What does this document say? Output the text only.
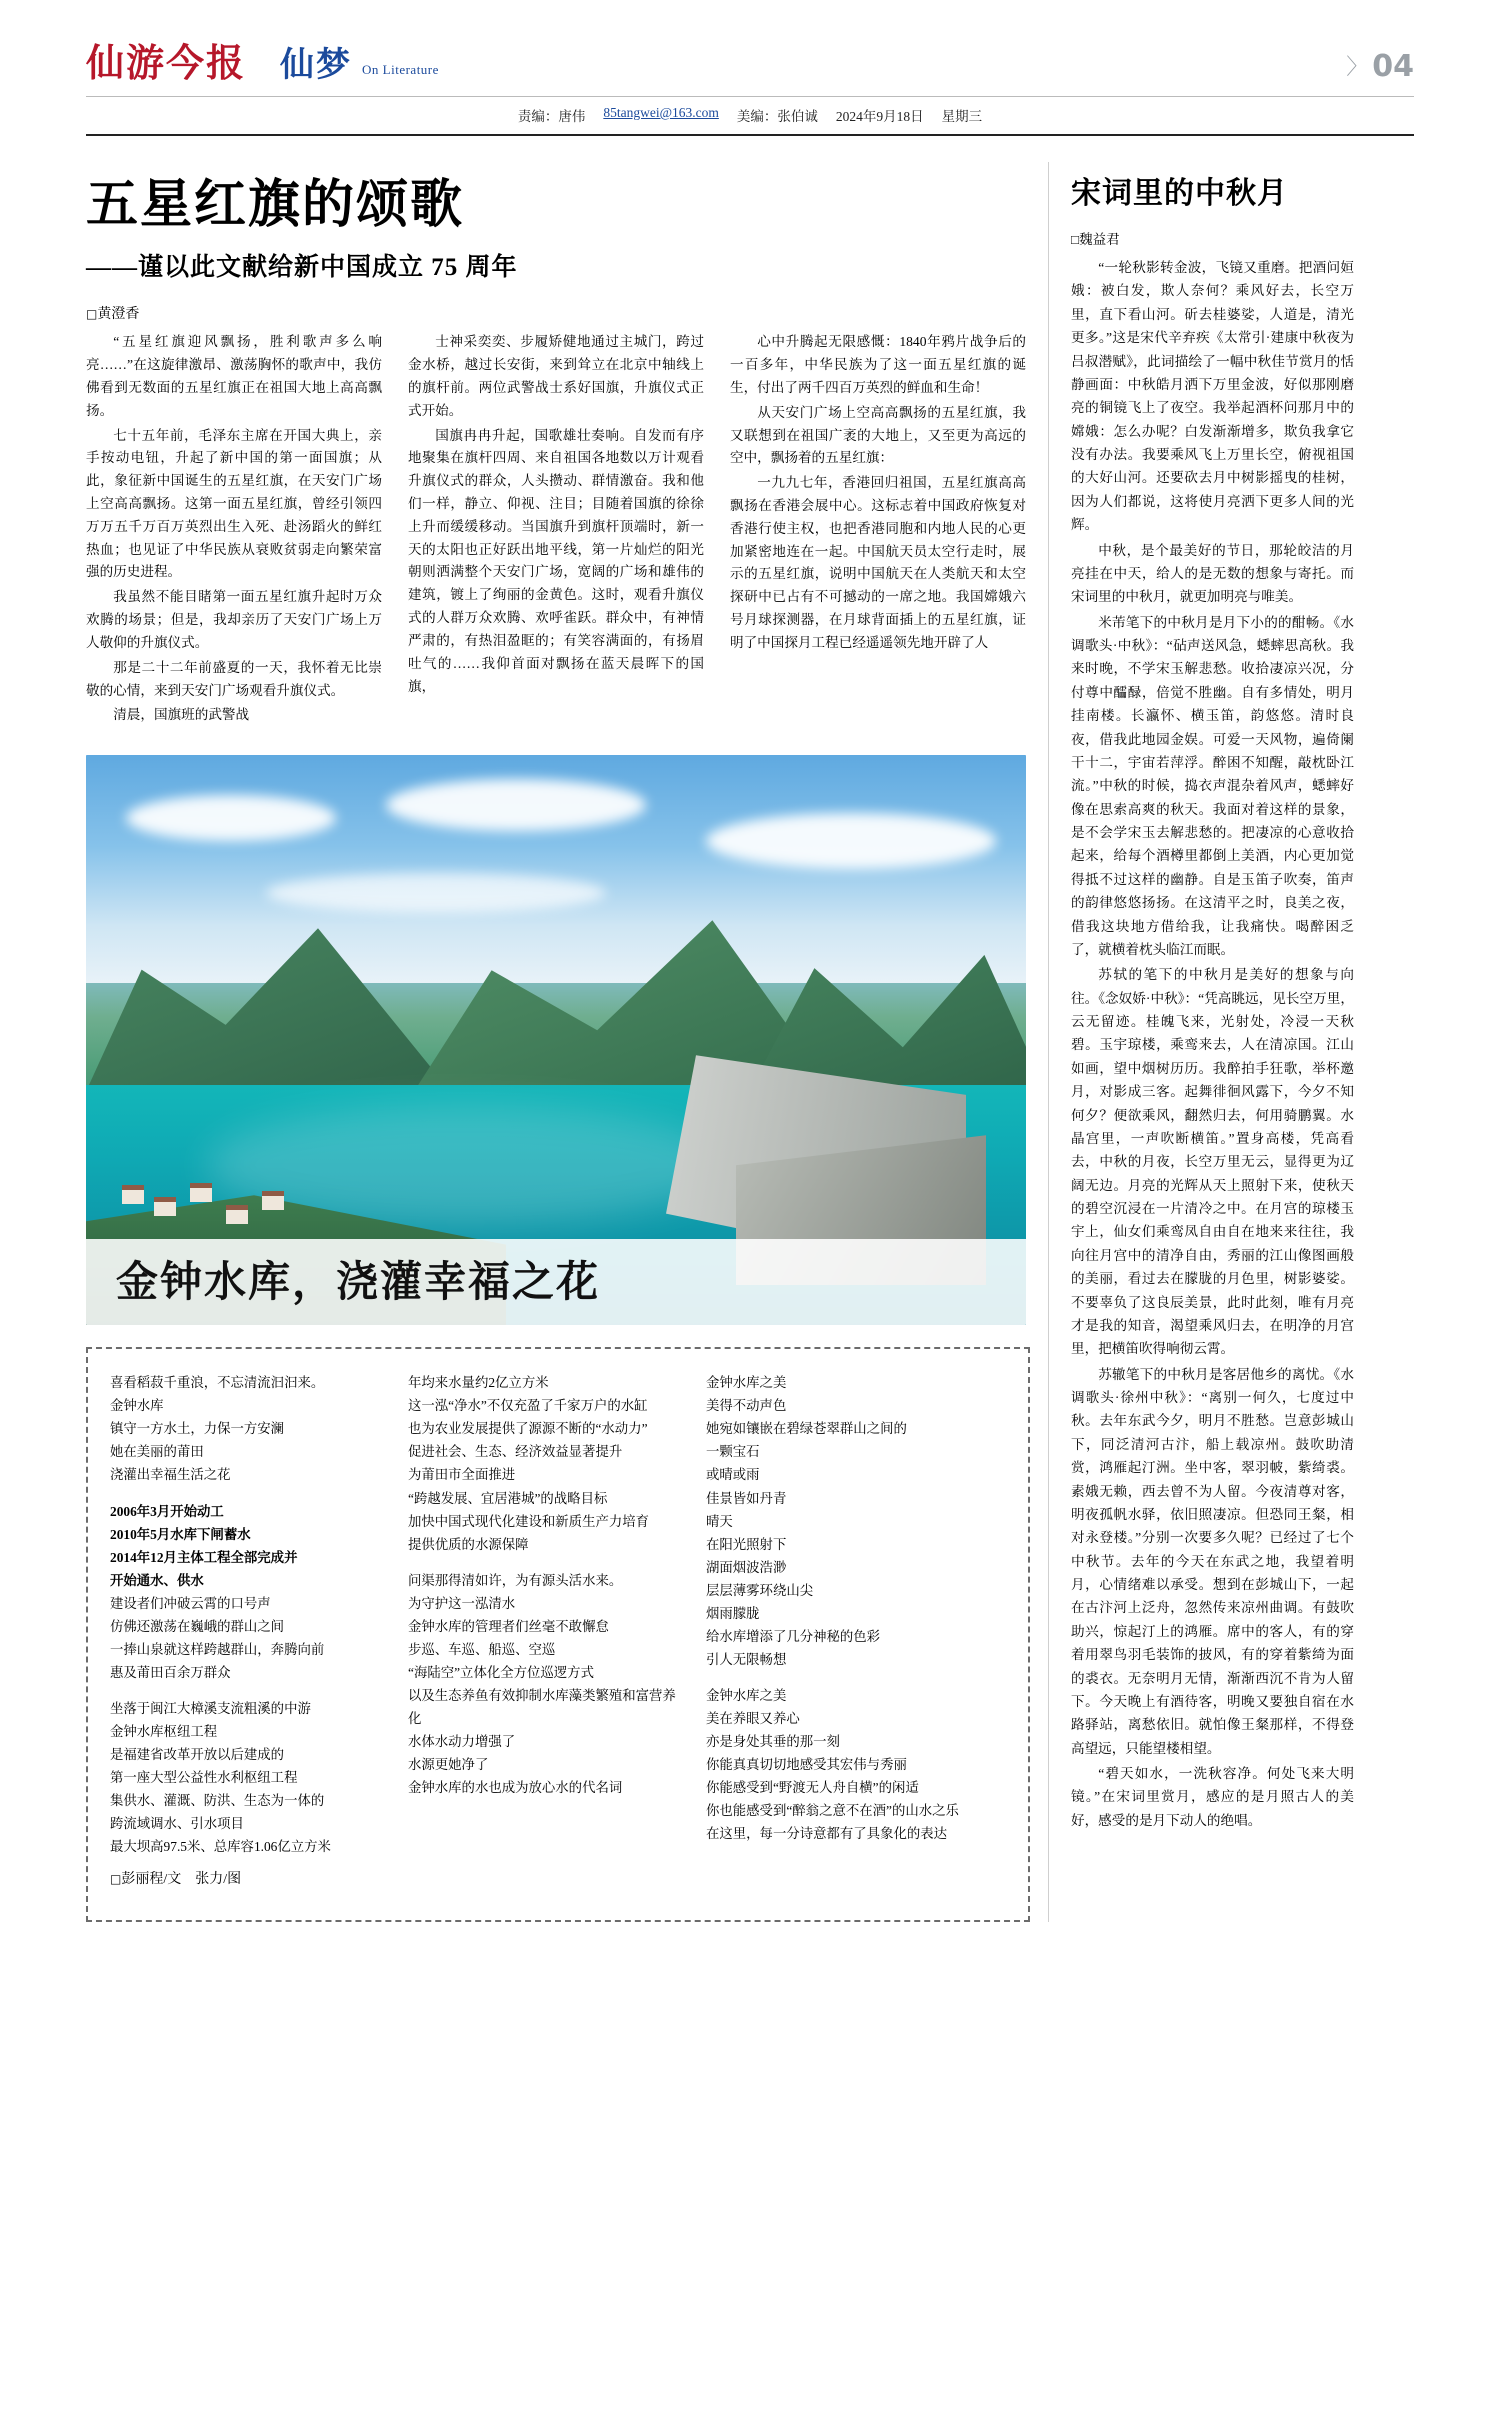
仙游今报 仙梦 On Literature	〉 04
责编：唐伟 85tangwei@163.com 美编：张伯诚 2024年9月18日 星期三
五星红旗的颂歌
——谨以此文献给新中国成立 75 周年
□黄澄香

“五星红旗迎风飘扬，胜利歌声多么响亮……”在这旋律激昂、激荡胸怀的歌声中，我仿佛看到无数面的五星红旗正在祖国大地上高高飘扬。

七十五年前，毛泽东主席在开国大典上，亲手按动电钮，升起了新中国的第一面国旗；从此，象征新中国诞生的五星红旗，在天安门广场上空高高飘扬。这第一面五星红旗，曾经引领四万万五千万百万英烈出生入死、赴汤蹈火的鲜红热血；也见证了中华民族从衰败贫弱走向繁荣富强的历史进程。

我虽然不能目睹第一面五星红旗升起时万众欢腾的场景；但是，我却亲历了天安门广场上万人敬仰的升旗仪式。

那是二十二年前盛夏的一天，我怀着无比崇敬的心情，来到天安门广场观看升旗仪式。

清晨，国旗班的武警战

士神采奕奕、步履矫健地通过主城门，跨过金水桥，越过长安街，来到耸立在北京中轴线上的旗杆前。两位武警战士系好国旗，升旗仪式正式开始。

国旗冉冉升起，国歌雄壮奏响。自发而有序地聚集在旗杆四周、来自祖国各地数以万计观看升旗仪式的群众，人头攒动、群情激奋。我和他们一样，静立、仰视、注目；目随着国旗的徐徐上升而缓缓移动。当国旗升到旗杆顶端时，新一天的太阳也正好跃出地平线，第一片灿烂的阳光朝则洒满整个天安门广场，宽阔的广场和雄伟的建筑，镀上了绚丽的金黄色。这时，观看升旗仪式的人群万众欢腾、欢呼雀跃。群众中，有神情严肃的，有热泪盈眶的；有笑容满面的，有扬眉吐气的……我仰首面对飘扬在蓝天晨晖下的国旗，

心中升腾起无限感慨：1840年鸦片战争后的一百多年，中华民族为了这一面五星红旗的诞生，付出了两千四百万英烈的鲜血和生命！

从天安门广场上空高高飘扬的五星红旗，我又联想到在祖国广袤的大地上，又至更为高远的空中，飘扬着的五星红旗：

一九九七年，香港回归祖国，五星红旗高高飘扬在香港会展中心。这标志着中国政府恢复对香港行使主权，也把香港同胞和内地人民的心更加紧密地连在一起。中国航天员太空行走时，展示的五星红旗，说明中国航天在人类航天和太空探研中已占有不可撼动的一席之地。我国嫦娥六号月球探测器，在月球背面插上的五星红旗，证明了中国探月工程已经遥遥领先地开辟了人

金钟水库，浇灌幸福之花
喜看稻菽千重浪，不忘清流汩汩来。
金钟水库
镇守一方水土，力保一方安澜
她在美丽的莆田
浇灌出幸福生活之花
2006年3月开始动工
2010年5月水库下闸蓄水
2014年12月主体工程全部完成并
开始通水、供水
建设者们冲破云霄的口号声
仿佛还激荡在巍峨的群山之间
一捧山泉就这样跨越群山，奔腾向前
惠及莆田百余万群众
坐落于闽江大樟溪支流粗溪的中游
金钟水库枢纽工程
是福建省改革开放以后建成的
第一座大型公益性水利枢纽工程
集供水、灌溉、防洪、生态为一体的
跨流域调水、引水项目
最大坝高97.5米、总库容1.06亿立方米
年均来水量约2亿立方米
这一泓“净水”不仅充盈了千家万户的水缸
也为农业发展提供了源源不断的“水动力”
促进社会、生态、经济效益显著提升
为莆田市全面推进
“跨越发展、宜居港城”的战略目标
加快中国式现代化建设和新质生产力培育
提供优质的水源保障
问渠那得清如许，为有源头活水来。
为守护这一泓清水
金钟水库的管理者们丝毫不敢懈怠
步巡、车巡、船巡、空巡
“海陆空”立体化全方位巡逻方式
以及生态养鱼有效抑制水库藻类繁殖和富营养化
水体水动力增强了
水源更她净了
金钟水库的水也成为放心水的代名词
金钟水库之美
美得不动声色
她宛如镶嵌在碧绿苍翠群山之间的
一颗宝石
或晴或雨
佳景皆如丹青
晴天
在阳光照射下
湖面烟波浩渺
层层薄雾环绕山尖
烟雨朦胧
给水库增添了几分神秘的色彩
引人无限畅想
金钟水库之美
美在养眼又养心
亦是身处其垂的那一刻
你能真真切切地感受其宏伟与秀丽
你能感受到“野渡无人舟自横”的闲适
你也能感受到“醉翁之意不在酒”的山水之乐
在这里，每一分诗意都有了具象化的表达
□彭丽程/文　张力/图
宋词里的中秋月
□魏益君

“一轮秋影转金波，飞镜又重磨。把酒问姮娥：被白发，欺人奈何？乘风好去，长空万里，直下看山河。斫去桂婆娑，人道是，清光更多。”这是宋代辛弃疾《太常引·建康中秋夜为吕叔潜赋》，此词描绘了一幅中秋佳节赏月的恬静画面：中秋皓月洒下万里金波，好似那刚磨亮的铜镜飞上了夜空。我举起酒杯问那月中的嫦娥：怎么办呢？白发渐渐增多，欺负我拿它没有办法。我要乘风飞上万里长空，俯视祖国的大好山河。还要砍去月中树影摇曳的桂树，因为人们都说，这将使月亮洒下更多人间的光辉。

中秋，是个最美好的节日，那轮皎洁的月亮挂在中天，给人的是无数的想象与寄托。而宋词里的中秋月，就更加明亮与唯美。

米芾笔下的中秋月是月下小的的酣畅。《水调歌头·中秋》：“砧声送风急，蟋蟀思高秋。我来时晚，不学宋玉解悲愁。收拾凄凉兴况，分付尊中醽醁，倍觉不胜幽。自有多情处，明月挂南楼。长瀛怀、横玉笛，韵悠悠。清时良夜，借我此地园金娱。可爱一天风物，遍倚阑干十二，宇宙若萍浮。醉困不知醒，敲枕卧江流。”中秋的时候，捣衣声混杂着风声，蟋蟀好像在思索高爽的秋天。我面对着这样的景象，是不会学宋玉去解悲愁的。把凄凉的心意收拾起来，给每个酒樽里都倒上美酒，内心更加觉得抵不过这样的幽静。自是玉笛子吹奏，笛声的韵律悠悠扬扬。在这清平之时，良美之夜，借我这块地方借给我，让我痛快。喝醉困乏了，就横着枕头临江而眠。

苏轼的笔下的中秋月是美好的想象与向往。《念奴娇·中秋》：“凭高眺远，见长空万里，云无留迹。桂魄飞来，光射处，冷浸一天秋碧。玉宇琼楼，乘鸾来去，人在清凉国。江山如画，望中烟树历历。我醉拍手狂歌，举杯邀月，对影成三客。起舞徘徊风露下，今夕不知何夕？便欲乘风，翻然归去，何用骑鹏翼。水晶宫里，一声吹断横笛。”置身高楼，凭高看去，中秋的月夜，长空万里无云，显得更为辽阔无边。月亮的光辉从天上照射下来，使秋天的碧空沉浸在一片清冷之中。在月宫的琼楼玉宇上，仙女们乘鸾凤自由自在地来来往往，我向往月宫中的清净自由，秀丽的江山像图画般的美丽，看过去在朦胧的月色里，树影婆娑。不要辜负了这良辰美景，此时此刻，唯有月亮才是我的知音，渴望乘风归去，在明净的月宫里，把横笛吹得响彻云霄。

苏辙笔下的中秋月是客居他乡的离忧。《水调歌头·徐州中秋》：“离别一何久，七度过中秋。去年东武今夕，明月不胜愁。岂意彭城山下，同泛清河古汴，船上载凉州。鼓吹助清赏，鸿雁起汀洲。坐中客，翠羽帔，紫绮裘。素娥无赖，西去曾不为人留。今夜清尊对客，明夜孤帆水驿，依旧照凄凉。但恐同王粲，相对永登楼。”分别一次要多久呢？已经过了七个中秋节。去年的今天在东武之地，我望着明月，心情绪难以承受。想到在彭城山下，一起在古汴河上泛舟，忽然传来凉州曲调。有鼓吹助兴，惊起汀上的鸿雁。席中的客人，有的穿着用翠鸟羽毛装饰的披风，有的穿着紫绮为面的裘衣。无奈明月无情，渐渐西沉不肯为人留下。今天晚上有酒待客，明晚又要独自宿在水路驿站，离愁依旧。就怕像王粲那样，不得登高望远，只能望楼相望。

“碧天如水，一洗秋容净。何处飞来大明镜。”在宋词里赏月，感应的是月照古人的美好，感受的是月下动人的绝唱。
